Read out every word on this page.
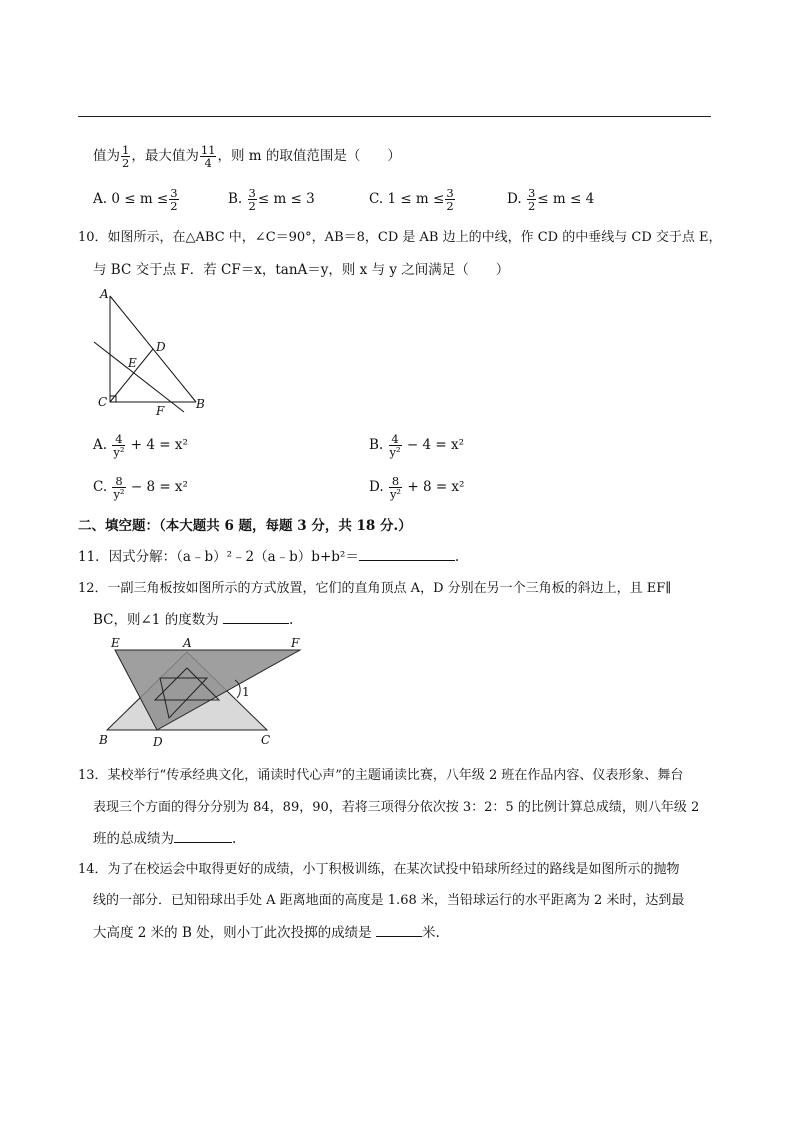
值为 $\frac{1}{2}$ ，最大值为 $\frac{11}{4}$ ，则 m 的取值范围是（　　）
A. $0 \le m \le \frac{3}{2}$	B. $\frac{3}{2} \le m \le 3$	C. $1 \le m \le \frac{3}{2}$	D. $\frac{3}{2} \le m \le 4$
10．如图所示，在△ABC 中，∠C＝90°，AB＝8，CD 是 AB 边上的中线，作 CD 的中垂线与 CD 交于点 E，
与 BC 交于点 F．若 CF＝x，tanA＝y，则 x 与 y 之间满足（　　）
A
D
E
C
F	B
A. $\frac{4}{\text{y²}} + 4 = x^2$	B. $\frac{4}{\text{y²}} - 4 = x^2$
C. $\frac{8}{\text{y²}} - 8 = x^2$	D. $\frac{8}{\text{y²}} + 8 = x^2$
二、填空题：（本大题共 6 题，每题 3 分，共 18 分.）
11．因式分解：（a﹣b）²﹣2（a﹣b）b+b²＝	.
12．一副三角板按如图所示的方式放置，它们的直角顶点 A，D 分别在另一个三角板的斜边上，且 EF∥
BC，则∠1 的度数为	.
E	A	F
1
B	D	C
13．某校举行“传承经典文化，诵读时代心声”的主题诵读比赛，八年级 2 班在作品内容、仪表形象、舞台
表现三个方面的得分分别为 84，89，90，若将三项得分依次按 3：2：5 的比例计算总成绩，则八年级 2
班的总成绩为	.
14．为了在校运会中取得更好的成绩，小丁积极训练，在某次试投中铅球所经过的路线是如图所示的抛物
线的一部分．已知铅球出手处 A 距离地面的高度是 1.68 米，当铅球运行的水平距离为 2 米时，达到最
大高度 2 米的 B 处，则小丁此次投掷的成绩是	米.
